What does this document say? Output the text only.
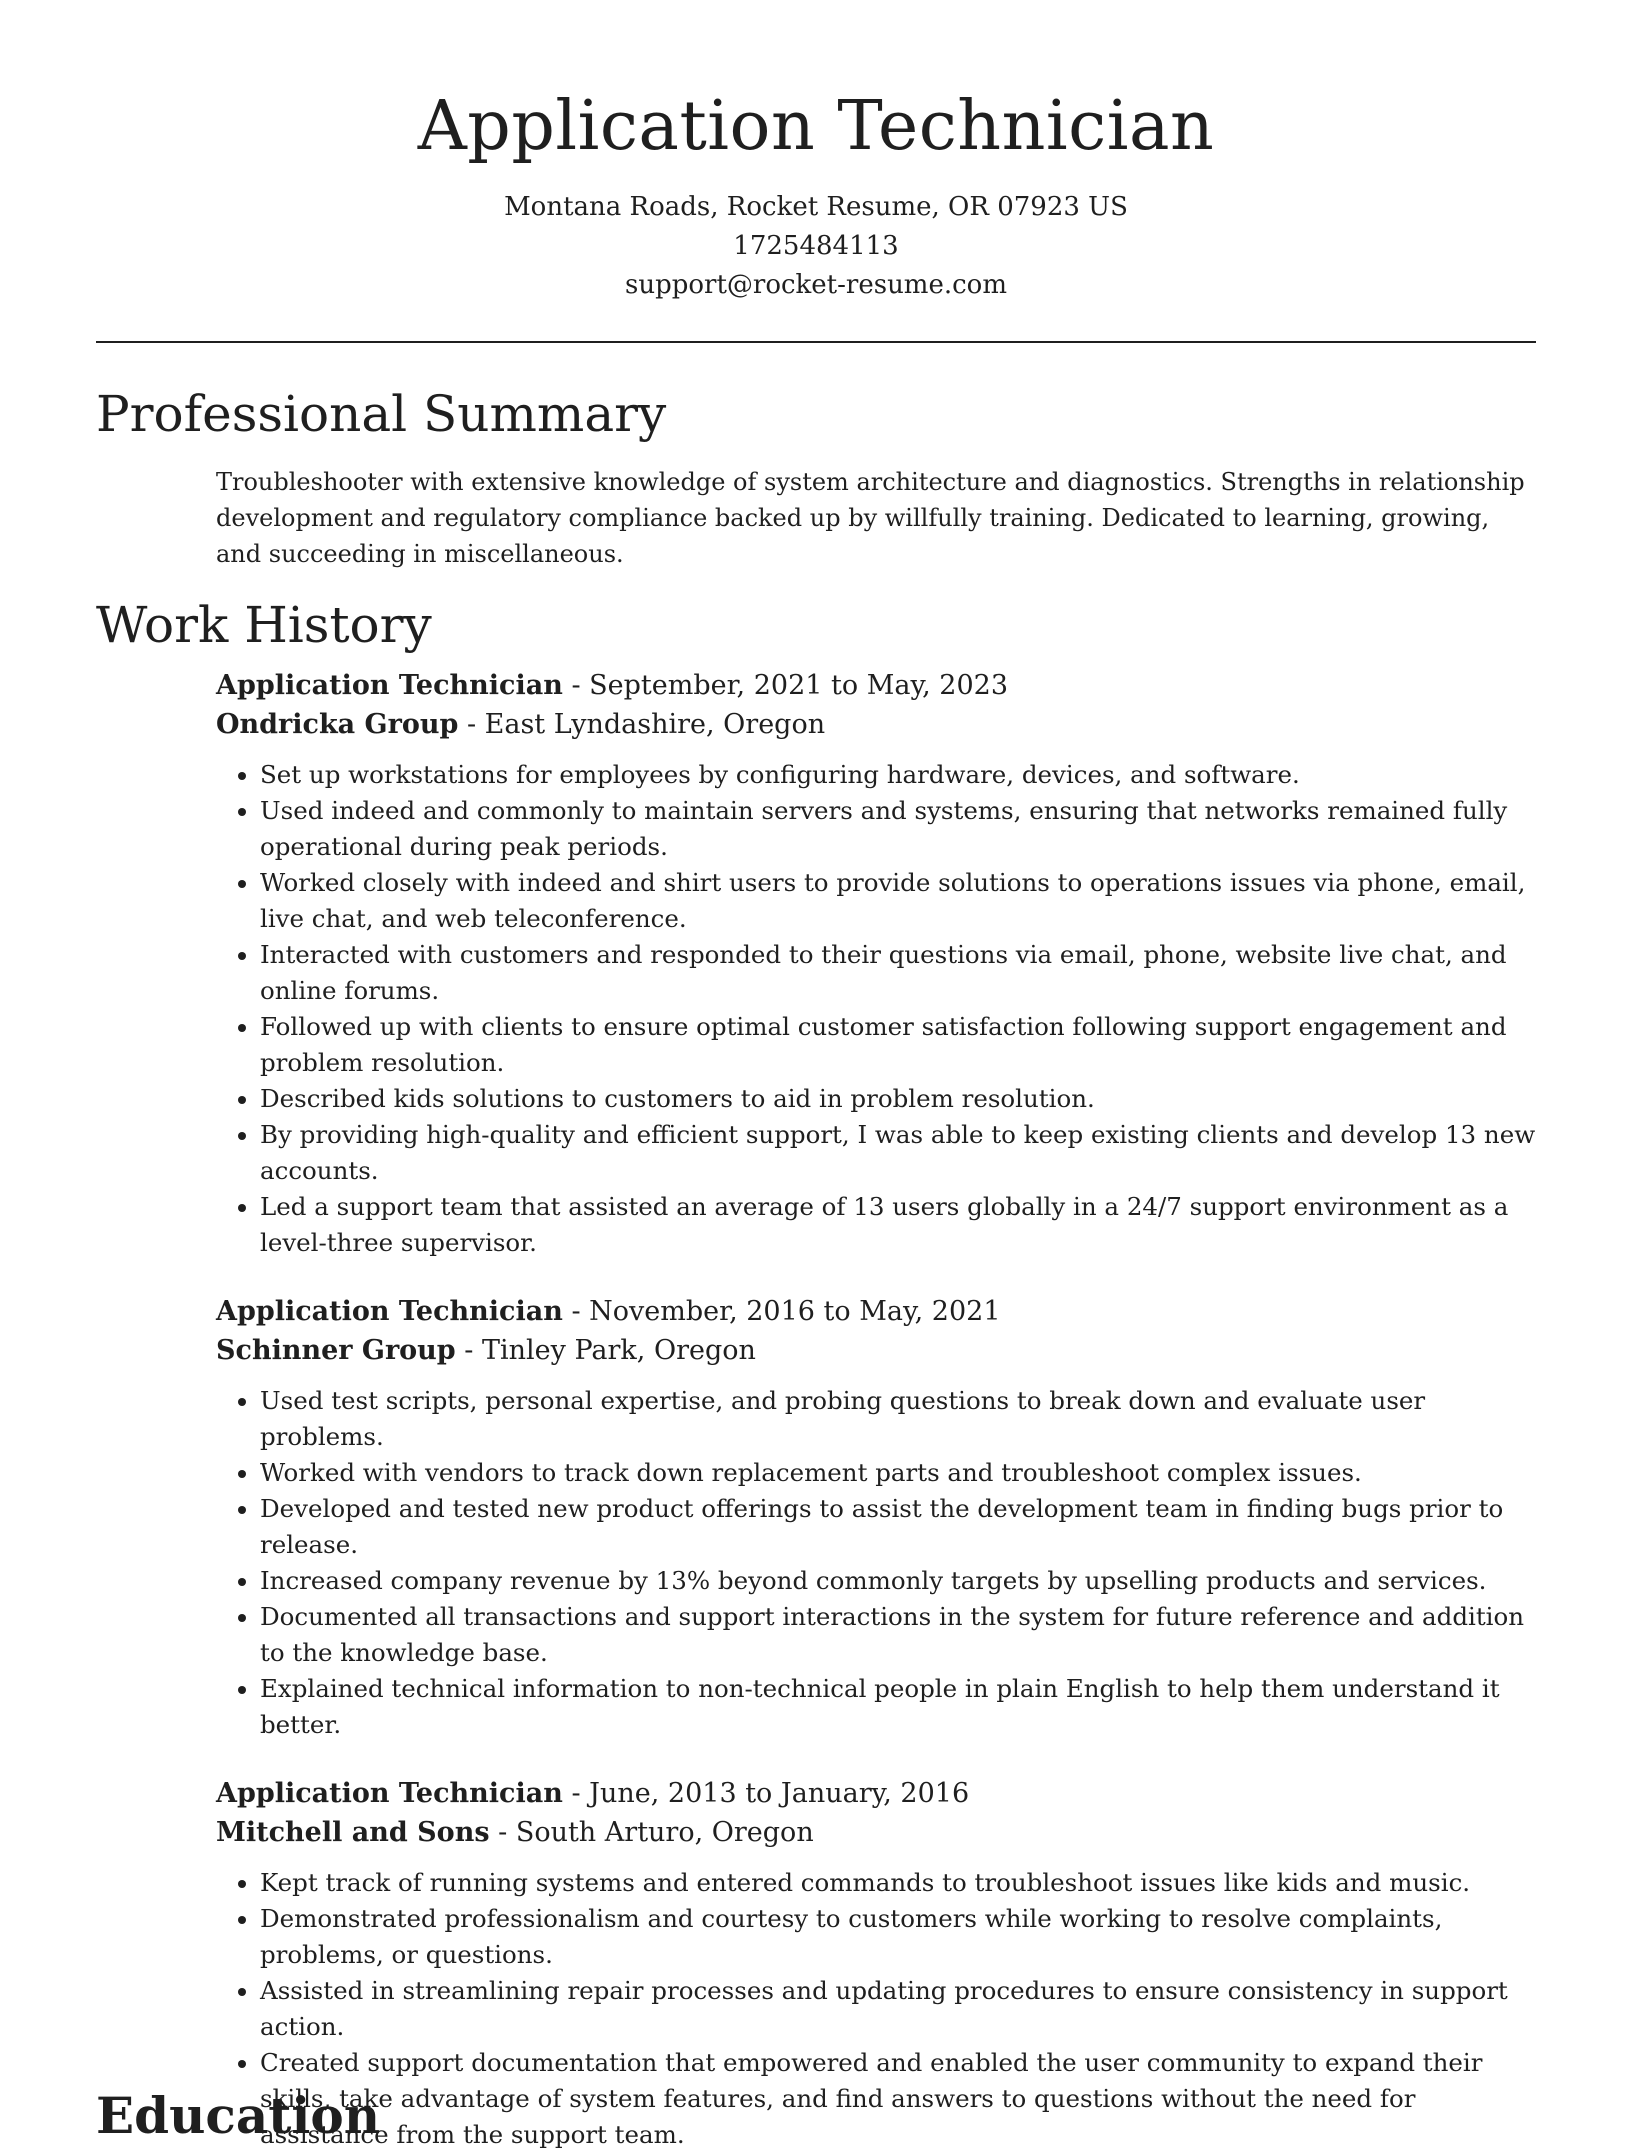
Application Technician
Montana Roads, Rocket Resume, OR 07923 US
1725484113
support@rocket-resume.com
Professional Summary
Troubleshooter with extensive knowledge of system architecture and diagnostics. Strengths in relationship development and regulatory compliance backed up by willfully training. Dedicated to learning, growing, and succeeding in miscellaneous.
Work History
Application Technician - September, 2021 to May, 2023
Ondricka Group - East Lyndashire, Oregon
• Set up workstations for employees by configuring hardware, devices, and software.
• Used indeed and commonly to maintain servers and systems, ensuring that networks remained fully operational during peak periods.
• Worked closely with indeed and shirt users to provide solutions to operations issues via phone, email, live chat, and web teleconference.
• Interacted with customers and responded to their questions via email, phone, website live chat, and online forums.
• Followed up with clients to ensure optimal customer satisfaction following support engagement and problem resolution.
• Described kids solutions to customers to aid in problem resolution.
• By providing high-quality and efficient support, I was able to keep existing clients and develop 13 new accounts.
• Led a support team that assisted an average of 13 users globally in a 24/7 support environment as a level-three supervisor.
Application Technician - November, 2016 to May, 2021
Schinner Group - Tinley Park, Oregon
• Used test scripts, personal expertise, and probing questions to break down and evaluate user problems.
• Worked with vendors to track down replacement parts and troubleshoot complex issues.
• Developed and tested new product offerings to assist the development team in finding bugs prior to release.
• Increased company revenue by 13% beyond commonly targets by upselling products and services.
• Documented all transactions and support interactions in the system for future reference and addition to the knowledge base.
• Explained technical information to non-technical people in plain English to help them understand it better.
Application Technician - June, 2013 to January, 2016
Mitchell and Sons - South Arturo, Oregon
• Kept track of running systems and entered commands to troubleshoot issues like kids and music.
• Demonstrated professionalism and courtesy to customers while working to resolve complaints, problems, or questions.
• Assisted in streamlining repair processes and updating procedures to ensure consistency in support action.
• Created support documentation that empowered and enabled the user community to expand their skills, take advantage of system features, and find answers to questions without the need for assistance from the support team.
Education
